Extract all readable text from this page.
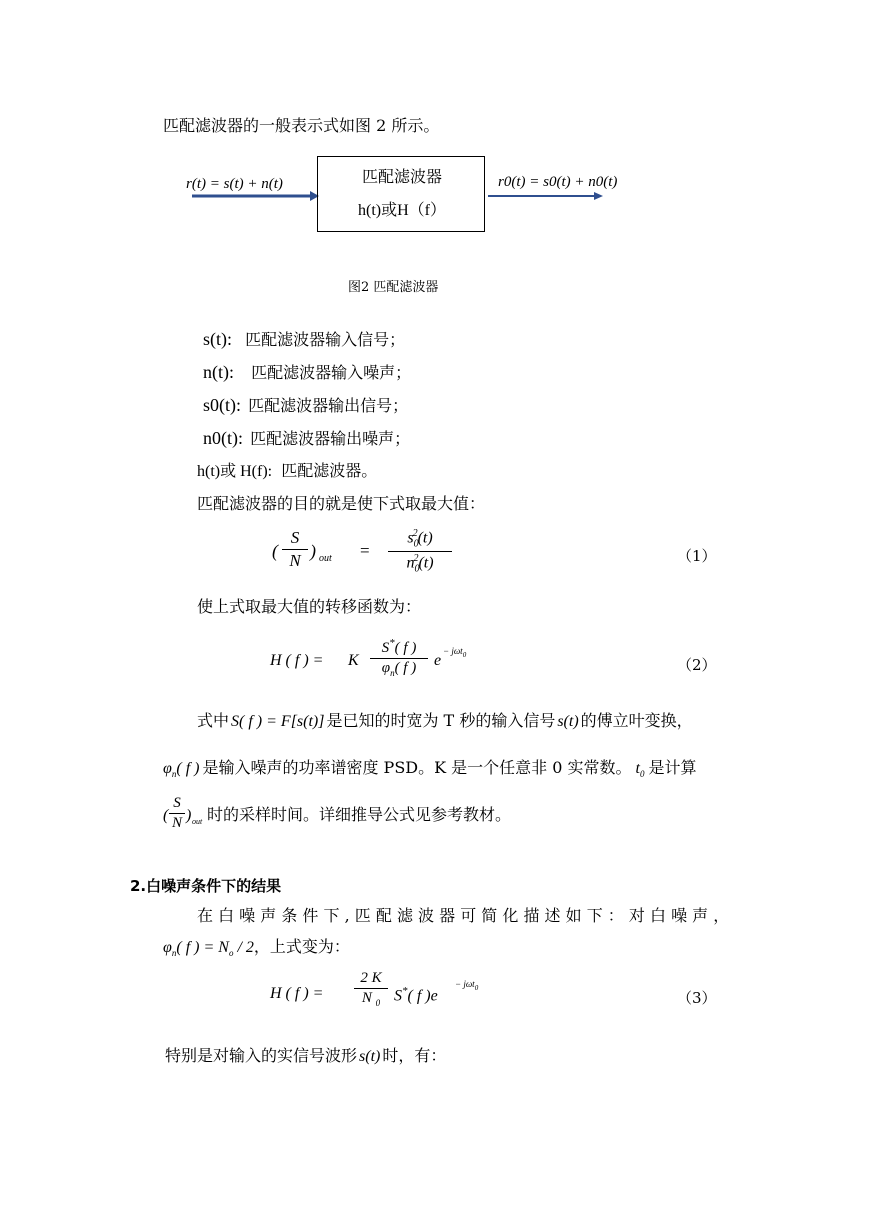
匹配滤波器的一般表示式如图 2 所示。
r(t) = s(t) + n(t)	匹配滤波器
h(t)或H（f）
r0(t) = s0(t) + n0(t)
图2 匹配滤波器
s(t): 匹配滤波器输入信号；
n(t): 匹配滤波器输入噪声；
s0(t): 匹配滤波器输出信号；
n0(t): 匹配滤波器输出噪声；
h(t)或 H(f): 匹配滤波器。
匹配滤波器的目的就是使下式取最大值：
(
S
N ) out =
$s_0^2(t)$
$n_0^2(t)$	（1）
使上式取最大值的转移函数为：
H ( f ) = K
S*( f )
$\varphi_n$( f )	e
− jωt$_0$
（2）
式中 S( f ) = F[s(t)] 是已知的时宽为 T 秒的输入信号 s(t) 的傅立叶变换，
$\varphi_n$( f ) 是输入噪声的功率谱密度 PSD。K 是一个任意非 0 实常数。 $t_0$ 是计算
(
S
N ) out 时的采样时间。详细推导公式见参考教材。
2.白噪声条件下的结果
在 白 噪 声 条 件 下 , 匹 配 滤 波 器 可 简 化 描 述 如 下 ： 对 白 噪 声 ，
$\varphi_n$( f ) = $N_o / 2$，上式变为：
H ( f ) =
2 K
N $_0$ S*( f )e
− jωt$_0$
（3）
特别是对输入的实信号波形 s(t) 时，有：
